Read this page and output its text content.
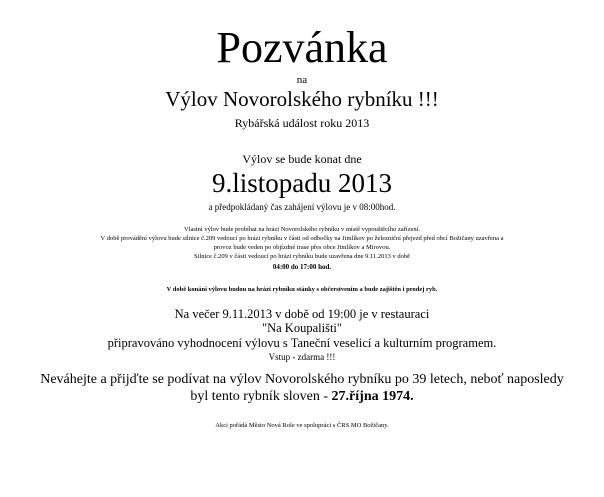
Pozvánka
na
Výlov Novorolského rybníku !!!
Rybářská událost roku 2013
Výlov se bude konat dne
9.listopadu 2013
a předpokládaný čas zahájení výlovu je v 08:00hod.
Vlastní výlov bude probíhat na hrázi Novorolského rybníku v místě vypouštěcího zařízení.
V době provádění výlovu bude silnice č.209 vedoucí po hrázi rybníku v části od odbočky na Jimlíkov po železniční přejezd před obcí Božičany uzavřena a
provoz bude veden po objízdné trase přes obce Jimlíkov a Mírovou.
Silnice č.209 v části vedoucí po hrázi rybníku bude uzavřena dne 9.11.2013 v době
04:00 do 17:00 hod.
V době konání výlovu budou na hrázi rybníku stánky s občerstvením a bude zajištěn i prodej ryb.
Na večer 9.11.2013 v době od 19:00 je v restauraci
"Na Koupališti"
připravováno vyhodnocení výlovu s Taneční veselicí a kulturním programem.
Vstup - zdarma !!!
Neváhejte a přijďte se podívat na výlov Novorolského rybníku po 39 letech, neboť naposledy
byl tento rybník sloven - 27.října 1974.
Akci pořádá Město Nová Role ve spolupráci s ČRS MO Božičany.
